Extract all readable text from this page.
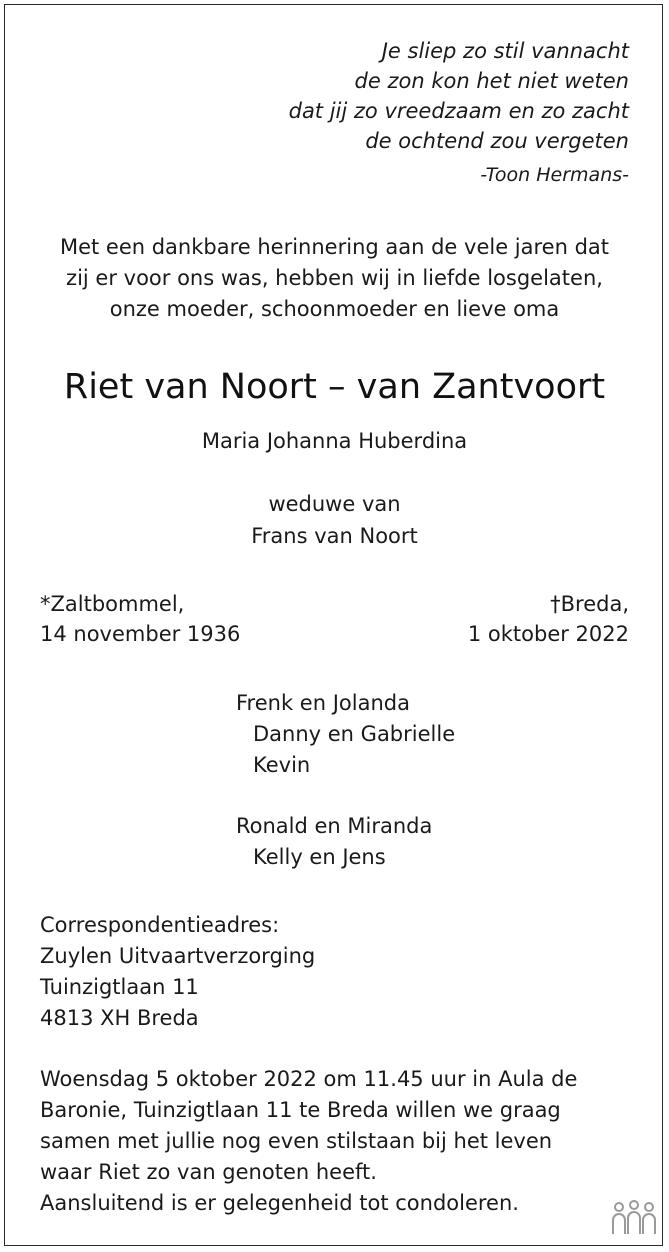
Je sliep zo stil vannacht
de zon kon het niet weten
dat jij zo vreedzaam en zo zacht
de ochtend zou vergeten
-Toon Hermans-
Met een dankbare herinnering aan de vele jaren dat
zij er voor ons was, hebben wij in liefde losgelaten,
onze moeder, schoonmoeder en lieve oma
Riet van Noort – van Zantvoort
Maria Johanna Huberdina
weduwe van
Frans van Noort
*Zaltbommel,
14 november 1936
†Breda,
1 oktober 2022
Frenk en Jolanda
Danny en Gabrielle
Kevin
Ronald en Miranda
Kelly en Jens
Correspondentieadres:
Zuylen Uitvaartverzorging
Tuinzigtlaan 11
4813 XH Breda
Woensdag 5 oktober 2022 om 11.45 uur in Aula de
Baronie, Tuinzigtlaan 11 te Breda willen we graag
samen met jullie nog even stilstaan bij het leven
waar Riet zo van genoten heeft.
Aansluitend is er gelegenheid tot condoleren.
